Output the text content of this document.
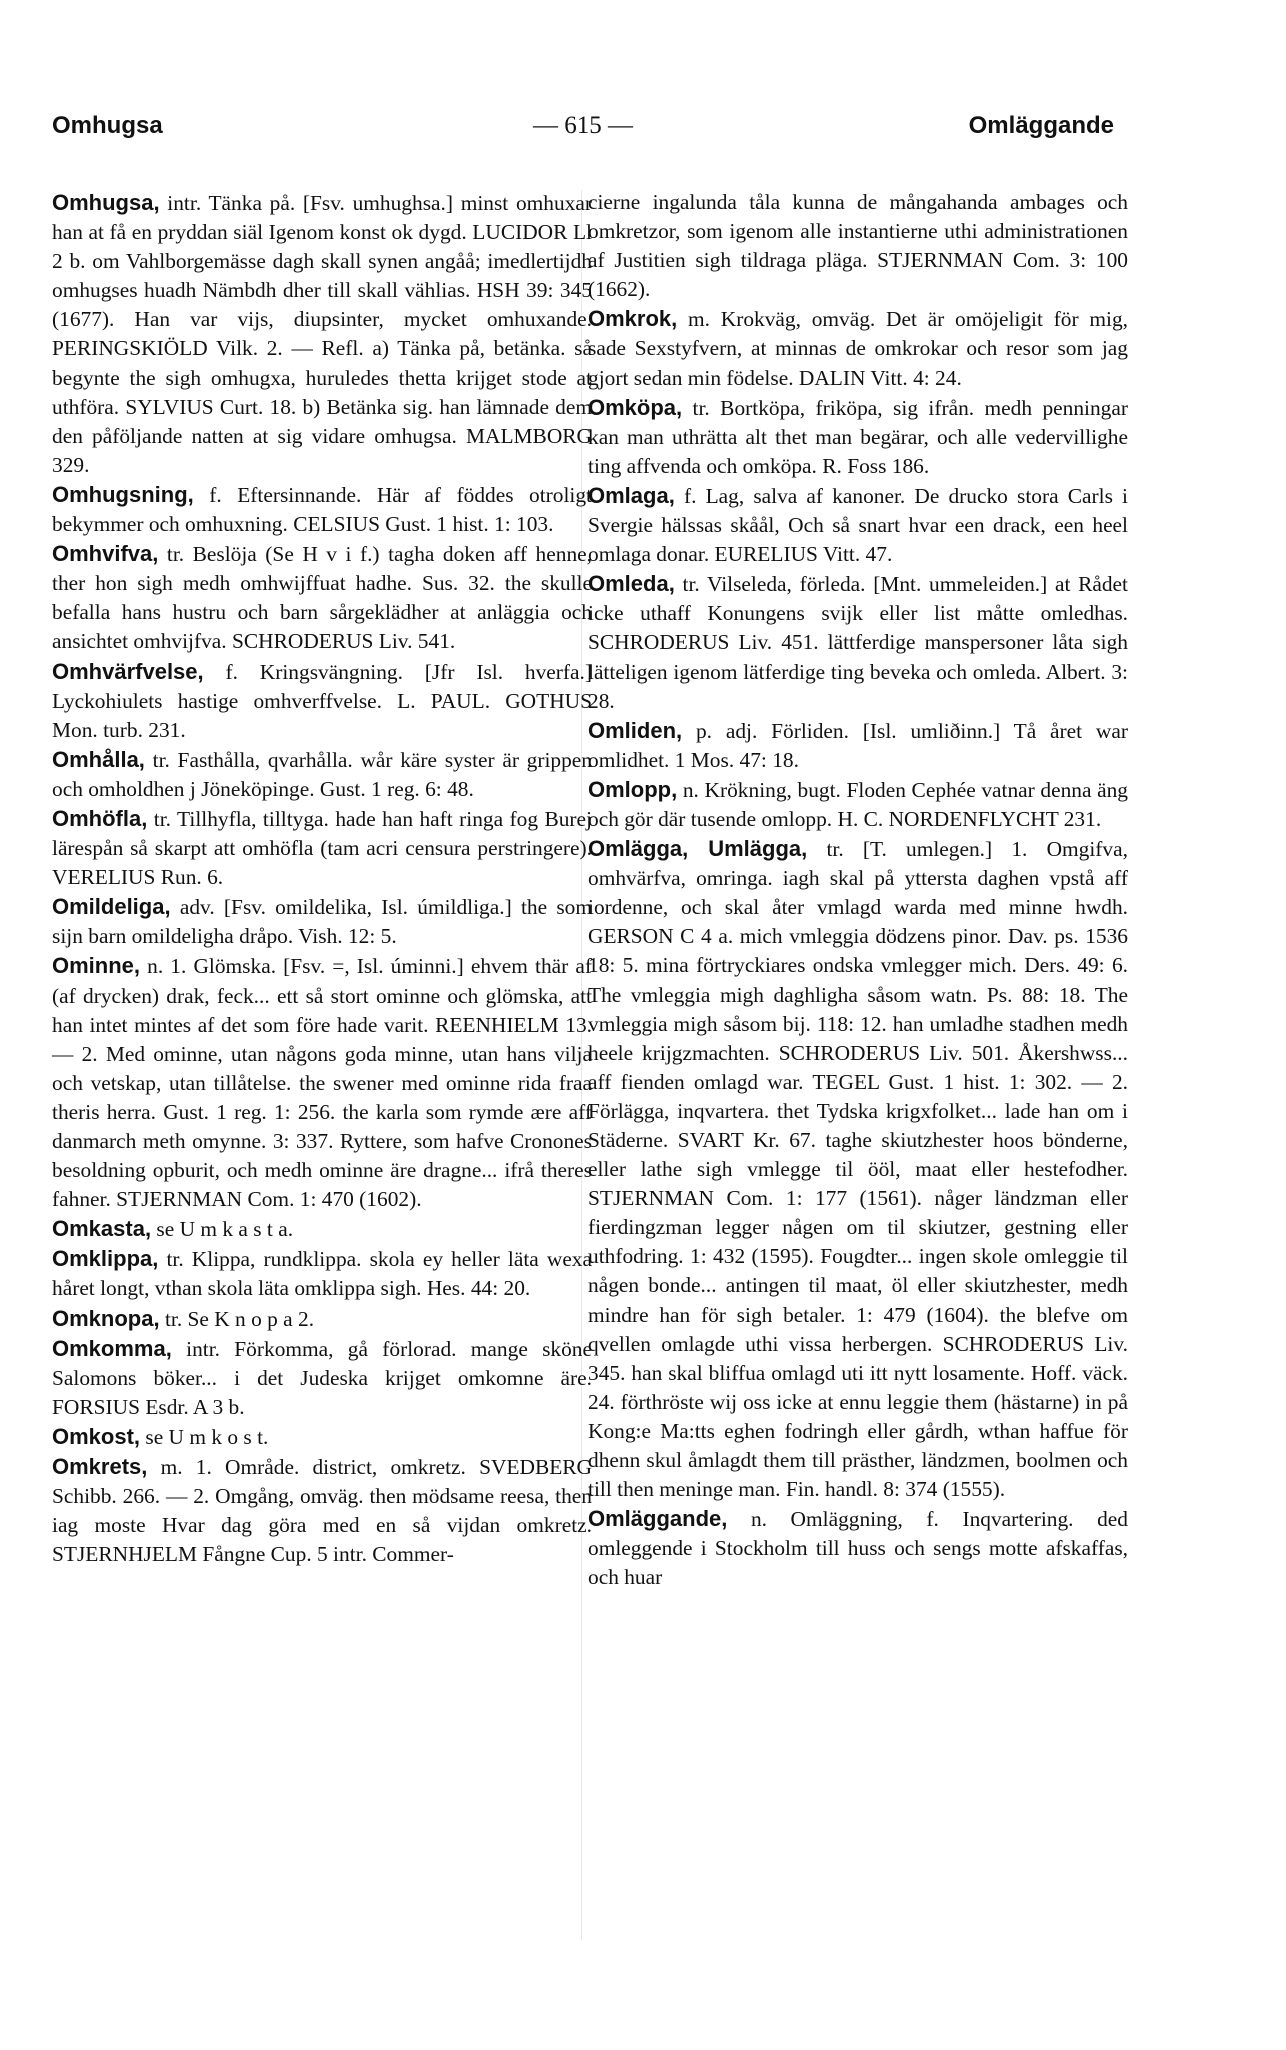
— 615 —
Omhugsa	Omläggande

Omhugsa, intr. Tänka på. [Fsv. umhughsa.] minst omhuxar han at få en pryddan siäl Igenom konst ok dygd. LUCIDOR Ll 2 b. om Vahlborgemässe dagh skall synen angåå; imedlertijdh omhugses huadh Nämbdh dher till skall vählias. HSH 39: 345 (1677). Han var vijs, diupsinter, mycket omhuxande. PERINGSKIÖLD Vilk. 2. — Refl. a) Tänka på, betänka. så begynte the sigh omhugxa, huruledes thetta krijget stode at uthföra. SYLVIUS Curt. 18. b) Betänka sig. han lämnade dem den påföljande natten at sig vidare omhugsa. MALMBORG 329.

Omhugsning, f. Eftersinnande. Här af föddes otroligt bekymmer och omhuxning. CELSIUS Gust. 1 hist. 1: 103.

Omhvifva, tr. Beslöja (Se H v i f.) tagha doken aff henne, ther hon sigh medh omhwijffuat hadhe. Sus. 32. the skulle befalla hans hustru och barn sårgeklädher at anläggia och ansichtet omhvijfva. SCHRODERUS Liv. 541.

Omhvärfvelse, f. Kringsvängning. [Jfr Isl. hverfa.] Lyckohiulets hastige omhverffvelse. L. PAUL. GOTHUS Mon. turb. 231.

Omhålla, tr. Fasthålla, qvarhålla. wår käre syster är grippen och omholdhen j Jöneköpinge. Gust. 1 reg. 6: 48.

Omhöfla, tr. Tillhyfla, tilltyga. hade han haft ringa fog Burej lärespån så skarpt att omhöfla (tam acri censura perstringere). VERELIUS Run. 6.

Omildeliga, adv. [Fsv. omildelika, Isl. úmildliga.] the som sijn barn omildeligha dråpo. Vish. 12: 5.

Ominne, n. 1. Glömska. [Fsv. =, Isl. úminni.] ehvem thär af (af drycken) drak, feck... ett så stort ominne och glömska, att han intet mintes af det som före hade varit. REENHIELM 13. — 2. Med ominne, utan någons goda minne, utan hans vilja och vetskap, utan tillåtelse. the swener med ominne rida fraa theris herra. Gust. 1 reg. 1: 256. the karla som rymde ære aff danmarch meth omynne. 3: 337. Ryttere, som hafve Cronones besoldning opburit, och medh ominne äre dragne... ifrå theres fahner. STJERNMAN Com. 1: 470 (1602).

Omkasta, se U m k a s t a.

Omklippa, tr. Klippa, rundklippa. skola ey heller läta wexa håret longt, vthan skola läta omklippa sigh. Hes. 44: 20.

Omknopa, tr. Se K n o p a 2.

Omkomma, intr. Förkomma, gå förlorad. mange sköne Salomons böker... i det Judeska krijget omkomne äre. FORSIUS Esdr. A 3 b.

Omkost, se U m k o s t.

Omkrets, m. 1. Område. district, omkretz. SVEDBERG Schibb. 266. — 2. Omgång, omväg. then mödsame reesa, then iag moste Hvar dag göra med en så vijdan omkretz. STJERNHJELM Fångne Cup. 5 intr. Commer-

cierne ingalunda tåla kunna de mångahanda ambages och omkretzor, som igenom alle instantierne uthi administrationen af Justitien sigh tildraga pläga. STJERNMAN Com. 3: 100 (1662).

Omkrok, m. Krokväg, omväg. Det är omöjeligit för mig, sade Sexstyfvern, at minnas de omkrokar och resor som jag gjort sedan min födelse. DALIN Vitt. 4: 24.

Omköpa, tr. Bortköpa, friköpa, sig ifrån. medh penningar kan man uthrätta alt thet man begärar, och alle vedervillighe ting affvenda och omköpa. R. Foss 186.

Omlaga, f. Lag, salva af kanoner. De drucko stora Carls i Svergie hälssas skåål, Och så snart hvar een drack, een heel omlaga donar. EURELIUS Vitt. 47.

Omleda, tr. Vilseleda, förleda. [Mnt. ummeleiden.] at Rådet icke uthaff Konungens svijk eller list måtte omledhas. SCHRODERUS Liv. 451. lättferdige manspersoner låta sigh lätteligen igenom lätferdige ting beveka och omleda. Albert. 3: 28.

Omliden, p. adj. Förliden. [Isl. umliðinn.] Tå året war omlidhet. 1 Mos. 47: 18.

Omlopp, n. Krökning, bugt. Floden Cephée vatnar denna äng och gör där tusende omlopp. H. C. NORDENFLYCHT 231.

Omlägga, Umlägga, tr. [T. umlegen.] 1. Omgifva, omhvärfva, omringa. iagh skal på yttersta daghen vpstå aff iordenne, och skal åter vmlagd warda med minne hwdh. GERSON C 4 a. mich vmleggia dödzens pinor. Dav. ps. 1536 18: 5. mina förtryckiares ondska vmlegger mich. Ders. 49: 6. The vmleggia migh daghligha såsom watn. Ps. 88: 18. The vmleggia migh såsom bij. 118: 12. han umladhe stadhen medh heele krijgzmachten. SCHRODERUS Liv. 501. Åkershwss... aff fienden omlagd war. TEGEL Gust. 1 hist. 1: 302. — 2. Förlägga, inqvartera. thet Tydska krigxfolket... lade han om i Städerne. SVART Kr. 67. taghe skiutzhester hoos bönderne, eller lathe sigh vmlegge til ööl, maat eller hestefodher. STJERNMAN Com. 1: 177 (1561). någer ländzman eller fierdingzman legger någen om til skiutzer, gestning eller uthfodring. 1: 432 (1595). Fougdter... ingen skole omleggie til någen bonde... antingen til maat, öl eller skiutzhester, medh mindre han för sigh betaler. 1: 479 (1604). the blefve om qvellen omlagde uthi vissa herbergen. SCHRODERUS Liv. 345. han skal bliffua omlagd uti itt nytt losamente. Hoff. väck. 24. förthröste wij oss icke at ennu leggie them (hästarne) in på Kong:e Ma:tts eghen fodringh eller gårdh, wthan haffue för dhenn skul åmlagdt them till prästher, ländzmen, boolmen och till then meninge man. Fin. handl. 8: 374 (1555).

Omläggande, n. Omläggning, f. Inqvartering. ded omleggende i Stockholm till huss och sengs motte afskaffas, och huar
